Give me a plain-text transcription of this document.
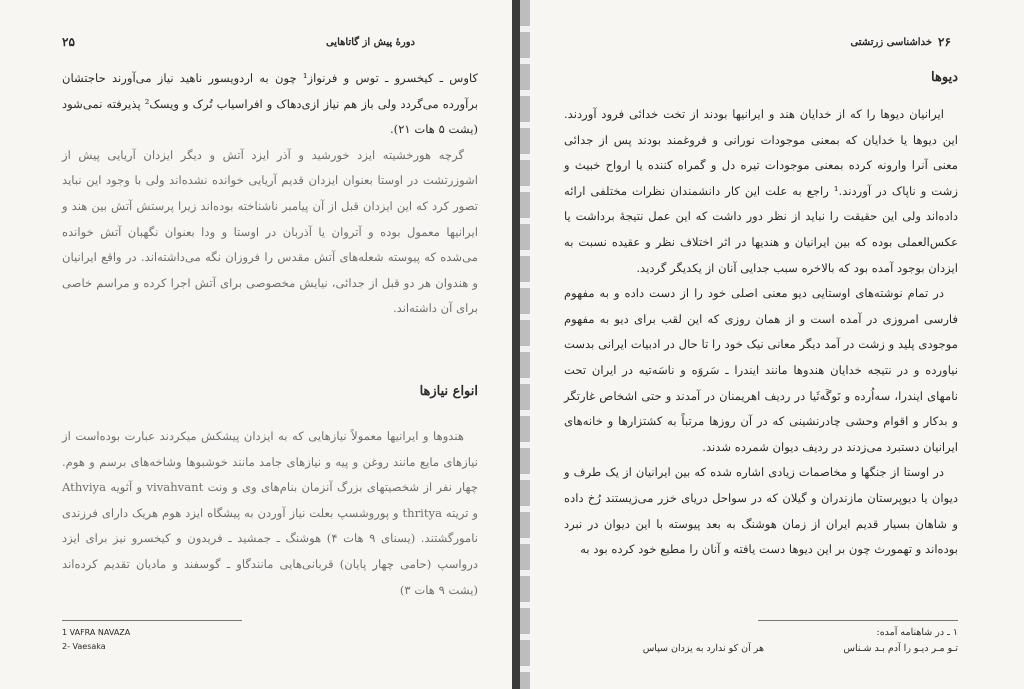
۲۵	دورهٔ پیش از گاتاهایی

کاوس ـ کیخسرو ـ توس و فرنواز¹ چون به اردویسور ناهید نیاز می‌آورند حاجتشان برآورده می‌گردد ولی باز هم نیاز ازی‌دهاک و افراسیاب تُرک و ویسک² پذیرفته نمی‌شود (یشت ۵ هات ۲۱).

گرچه هورخشیته ایزد خورشید و آذر ایزد آتش و دیگر ایزدان آریایی پیش از اشوزرتشت در اوستا بعنوان ایزدان قدیم آریایی خوانده نشده‌اند ولی با وجود این نباید تصور کرد که این ایزدان قبل از آن پیامبر ناشناخته بوده‌اند زیرا پرستش آتش بین هند و ایرانیها معمول بوده و آتروان یا آذربان در اوستا و ودا بعنوان نگهبان آتش خوانده می‌شده که پیوسته شعله‌های آتش مقدس را فروزان نگه می‌داشته‌اند. در واقع ایرانیان و هندوان هر دو قبل از جدائی، نیایش مخصوصی برای آتش اجرا کرده و مراسم خاصی برای آن داشته‌اند.

انواع نیازها

هندوها و ایرانیها معمولاً نیازهایی که به ایزدان پیشکش میکردند عبارت بوده‌است از نیازهای مایع مانند روغن و پیه و نیازهای جامد مانند خوشبوها وشاخه‌های برسم و هوم. چهار نفر از شخصیتهای بزرگ آنزمان بنام‌های وی و ونت vivahvant و آثویه Athviya و تریته thritya و پوروشسپ بعلت نیاز آوردن به پیشگاه ایزد هوم هریک دارای فرزندی نامورگشتند. (یسنای ۹ هات ۴) هوشنگ ـ جمشید ـ فریدون و کیخسرو نیز برای ایزد درواسپ (حامی چهار پایان) قربانی‌هایی مانندگاو ـ گوسفند و مادیان تقدیم کرده‌اند (یشت ۹ هات ۳)

1 VAFRA NAVAZA
2- Vaesaka
۲۶
خداشناسی زرتشتی
دیوها

ایرانیان دیوها را که از خدایان هند و ایرانیها بودند از تخت خدائی فرود آوردند. این دیوها یا خدایان که بمعنی موجودات نورانی و فروغمند بودند پس از جدائی معنی آنرا وارونه کرده بمعنی موجودات تیره دل و گمراه کننده یا ارواح خبیث و زشت و ناپاک در آوردند.¹ راجع به علت این کار دانشمندان نظرات مختلفی ارائه داده‌اند ولی این حقیقت را نباید از نظر دور داشت که این عمل نتیجهٔ برداشت یا عکس‌العملی بوده که بین ایرانیان و هندیها در اثر اختلاف نظر و عقیده نسبت به ایزدان بوجود آمده بود که بالاخره سبب جدایی آنان از یکدیگر گردید.

در تمام نوشته‌های اوستایی دیو معنی اصلی خود را از دست داده و به مفهوم فارسی امروزی در آمده است و از همان روزی که این لقب برای دیو به مفهوم موجودی پلید و زشت در آمد دیگر معانی نیک خود را تا حال در ادبیات ایرانی بدست نیاورده و در نتیجه خدایان هندوها مانند ایندرا ـ سَروَه و ناسَه‌تیه در ایران تحت نامهای ایندرا، سه‌اُرده و نَوگَه‌ثَیا در ردیف اهریمنان در آمدند و حتی اشخاص غارتگر و بدکار و اقوام وحشی چادرنشینی که در آن روزها مرتباً به کشتزارها و خانه‌های ایرانیان دستبرد می‌زدند در ردیف دیوان شمرده شدند.

در اوستا از جنگها و مخاصمات زیادی اشاره شده که بین ایرانیان از یک طرف و دیوان یا دیوپرستان مازندران و گیلان که در سواحل دریای خزر می‌زیستند رُخ داده و شاهان بسیار قدیم ایران از زمان هوشنگ به بعد پیوسته با این دیوان در نبرد بوده‌اند و تهمورث چون بر این دیوها دست یافته و آنان را مطیع خود کرده بود به

۱ ـ در شاهنامه آمده:
تـو مـر دیـو را آدم بـد شـناس
هر آن کو ندارد به یزدان سپاس
